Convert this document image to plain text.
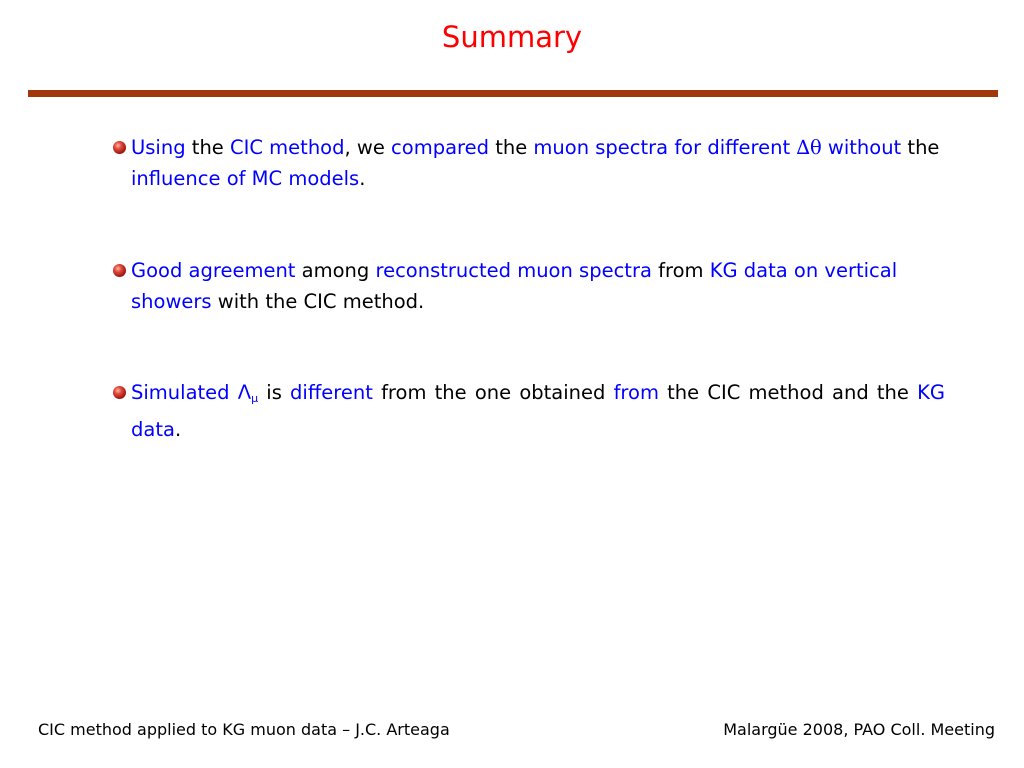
Summary
Using the CIC method, we compared the muon spectra for different ∆θ without the influence of MC models.
Good agreement among reconstructed muon spectra from KG data on vertical showers with the CIC method.
Simulated $\Lambda_\mu$ is different from the one obtained from the CIC method and the KG data.
CIC method applied to KG muon data – J.C. Arteaga	Malargüe 2008, PAO Coll. Meeting
